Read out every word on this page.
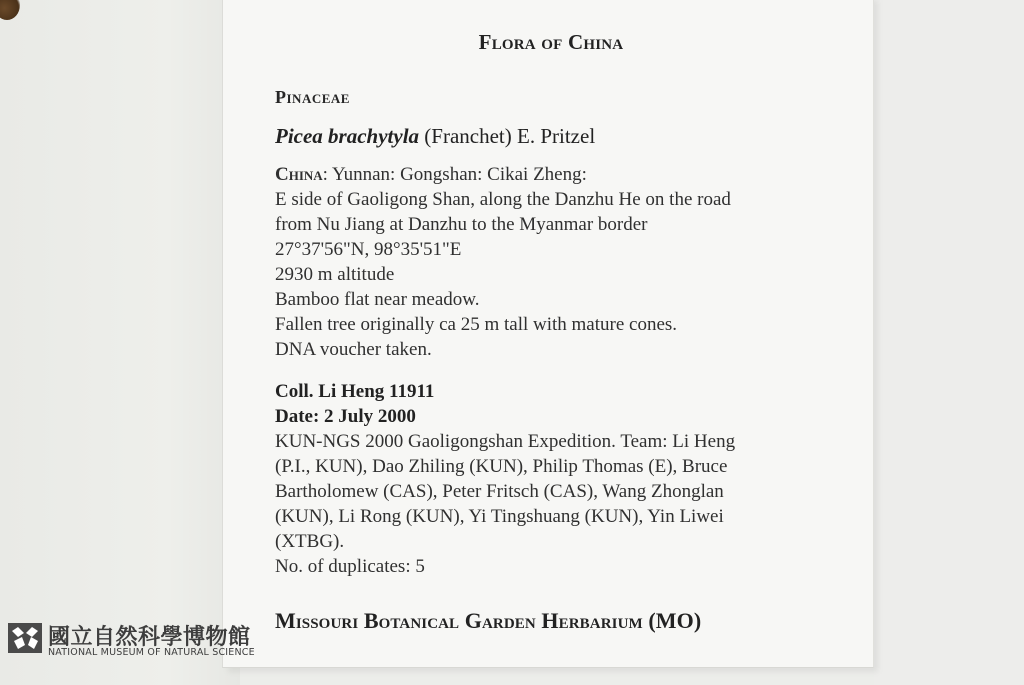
Flora of China
Pinaceae
Picea brachytyla (Franchet) E. Pritzel
China: Yunnan: Gongshan: Cikai Zheng:
E side of Gaoligong Shan, along the Danzhu He on the road
from Nu Jiang at Danzhu to the Myanmar border
27°37'56"N, 98°35'51"E
2930 m altitude
Bamboo flat near meadow.
Fallen tree originally ca 25 m tall with mature cones.
DNA voucher taken.
Coll. Li Heng 11911
Date: 2 July 2000
KUN-NGS 2000 Gaoligongshan Expedition. Team: Li Heng
(P.I., KUN), Dao Zhiling (KUN), Philip Thomas (E), Bruce
Bartholomew (CAS), Peter Fritsch (CAS), Wang Zhonglan
(KUN), Li Rong (KUN), Yi Tingshuang (KUN), Yin Liwei
(XTBG).
No. of duplicates: 5
Missouri Botanical Garden Herbarium (MO)
國立自然科學博物館
NATIONAL MUSEUM OF NATURAL SCIENCE
